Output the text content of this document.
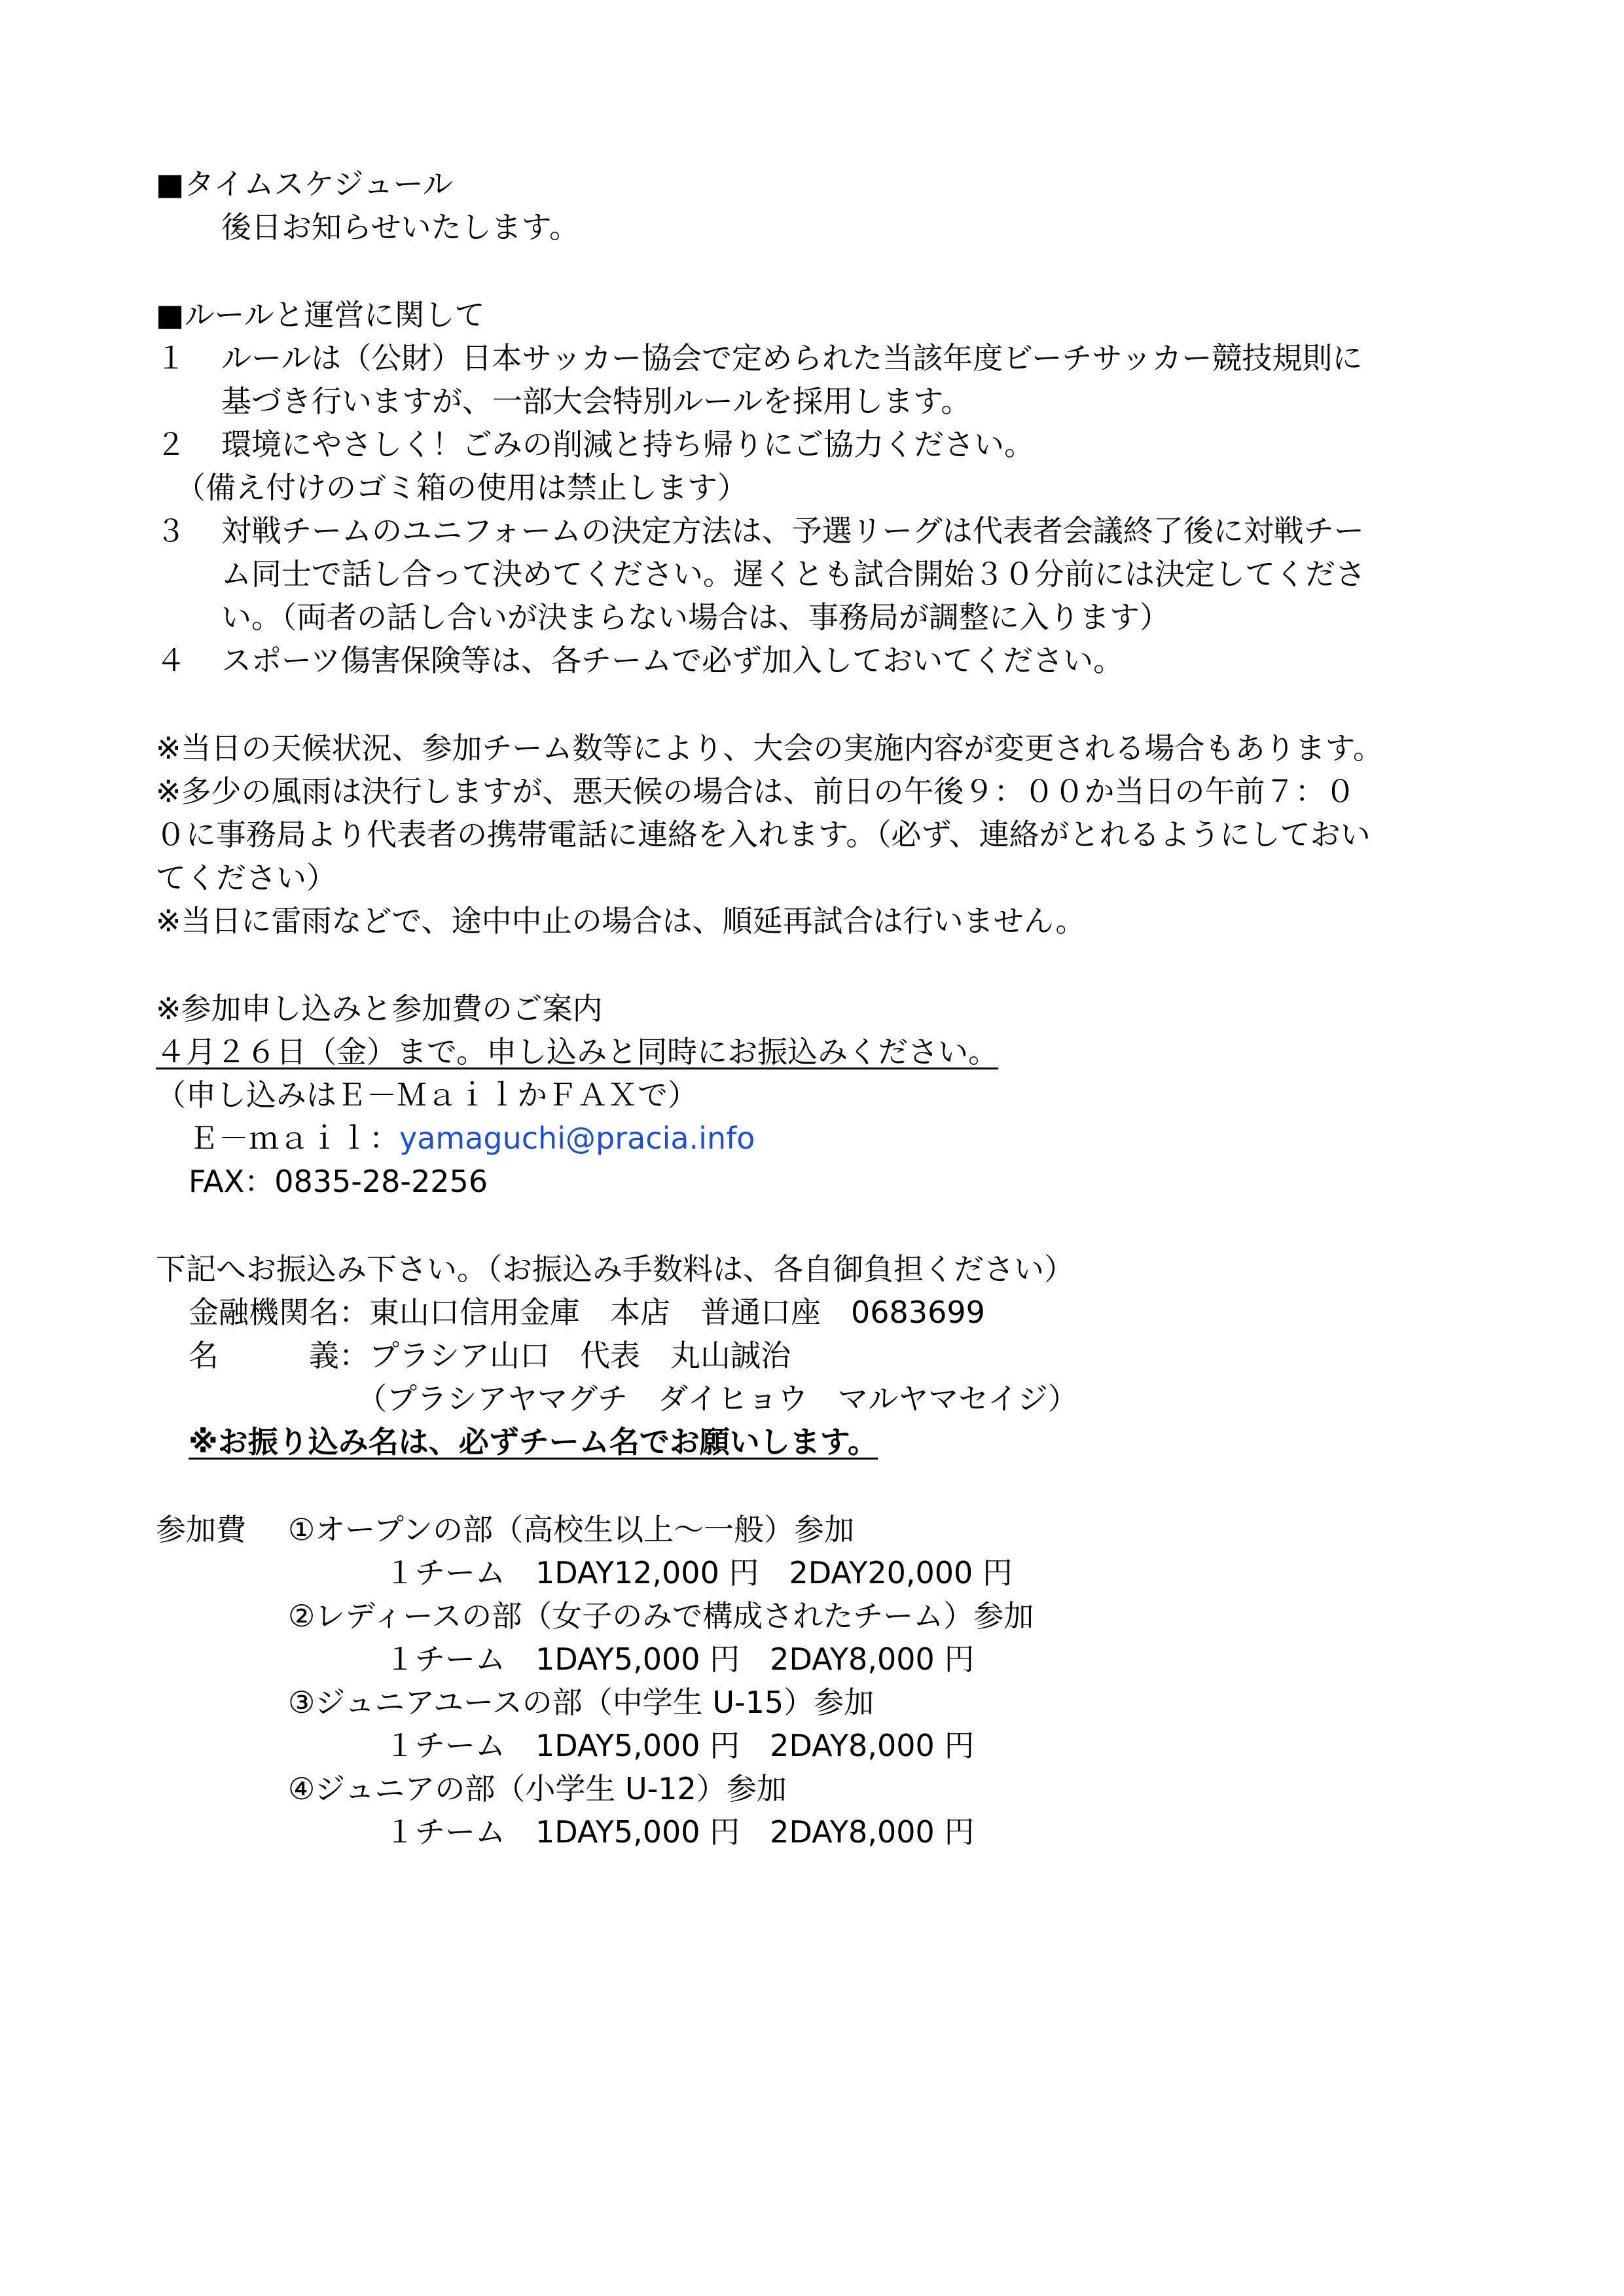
■タイムスケジュール
後日お知らせいたします。
■ルールと運営に関して
１ ルールは（公財）日本サッカー協会で定められた当該年度ビーチサッカー競技規則に
基づき行いますが、一部大会特別ルールを採用します。
２ 環境にやさしく！ごみの削減と持ち帰りにご協力ください。
（備え付けのゴミ箱の使用は禁止します）
３ 対戦チームのユニフォームの決定方法は、予選リーグは代表者会議終了後に対戦チー
ム同士で話し合って決めてください。遅くとも試合開始３０分前には決定してくださ
い。（両者の話し合いが決まらない場合は、事務局が調整に入ります）
４ スポーツ傷害保険等は、各チームで必ず加入しておいてください。
※当日の天候状況、参加チーム数等により、大会の実施内容が変更される場合もあります。
※多少の風雨は決行しますが、悪天候の場合は、前日の午後９：００か当日の午前７：０
０に事務局より代表者の携帯電話に連絡を入れます。（必ず、連絡がとれるようにしておい
てください）
※当日に雷雨などで、途中中止の場合は、順延再試合は行いません。
※参加申し込みと参加費のご案内
４月２６日（金）まで。申し込みと同時にお振込みください。
（申し込みはＥ－ＭａｉｌかＦＡＸで）
Ｅ－ｍａｉｌ：yamaguchi@pracia.info
FAX：0835-28-2256
下記へお振込み下さい。（お振込み手数料は、各自御負担ください）
金融機関名：東山口信用金庫　本店　普通口座　0683699
名　　　義：プラシア山口　代表　丸山誠治
（プラシアヤマグチ　ダイヒョウ　マルヤマセイジ）
※お振り込み名は、必ずチーム名でお願いします。
参加費 ①オープンの部（高校生以上～一般）参加
１チーム　1DAY12,000 円　2DAY20,000 円
②レディースの部（女子のみで構成されたチーム）参加
１チーム　1DAY5,000 円　2DAY8,000 円
③ジュニアユースの部（中学生 U-15）参加
１チーム　1DAY5,000 円　2DAY8,000 円
④ジュニアの部（小学生 U-12）参加
１チーム　1DAY5,000 円　2DAY8,000 円
